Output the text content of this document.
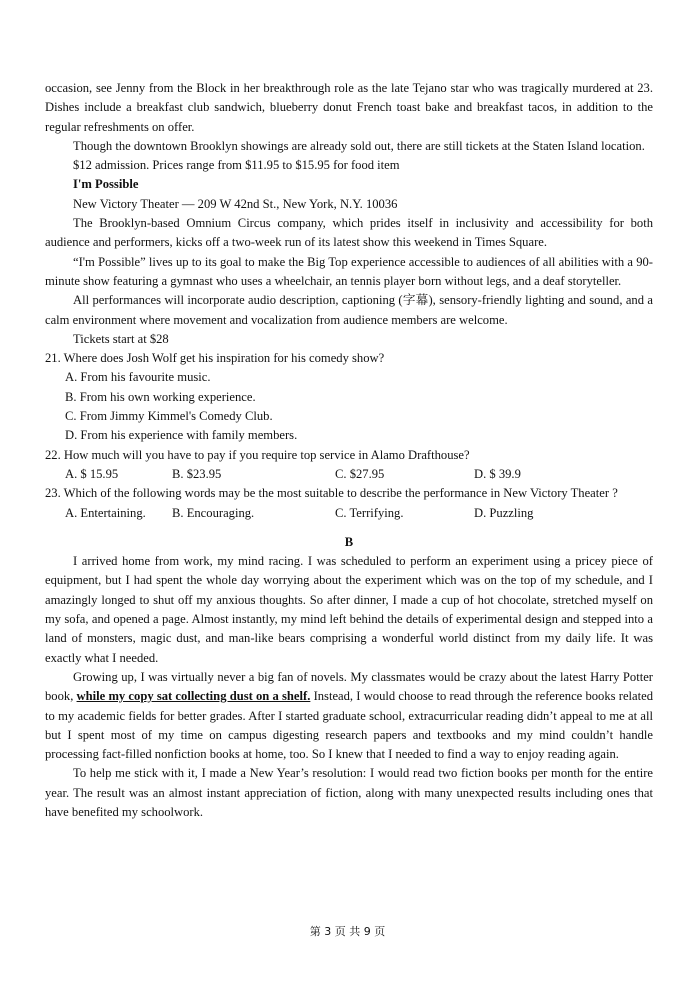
occasion, see Jenny from the Block in her breakthrough role as the late Tejano star who was tragically murdered at 23. Dishes include a breakfast club sandwich, blueberry donut French toast bake and breakfast tacos, in addition to the regular refreshments on offer.

Though the downtown Brooklyn showings are already sold out, there are still tickets at the Staten Island location.

$12 admission. Prices range from $11.95 to $15.95 for food item

I'm Possible

New Victory Theater — 209 W 42nd St., New York, N.Y. 10036

The Brooklyn-based Omnium Circus company, which prides itself in inclusivity and accessibility for both audience and performers, kicks off a two-week run of its latest show this weekend in Times Square.

“I'm Possible” lives up to its goal to make the Big Top experience accessible to audiences of all abilities with a 90-minute show featuring a gymnast who uses a wheelchair, an tennis player born without legs, and a deaf storyteller.

All performances will incorporate audio description, captioning (字幕), sensory-friendly lighting and sound, and a calm environment where movement and vocalization from audience members are welcome.

Tickets start at $28

21. Where does Josh Wolf get his inspiration for his comedy show?

A. From his favourite music.

B. From his own working experience.

C. From Jimmy Kimmel's Comedy Club.

D. From his experience with family members.

22. How much will you have to pay if you require top service in Alamo Drafthouse?

A. $ 15.95	B. $23.95	C. $27.95	D. $ 39.9

23. Which of the following words may be the most suitable to describe the performance in New Victory Theater ?

A. Entertaining.	B. Encouraging.	C. Terrifying.	D. Puzzling

B

I arrived home from work, my mind racing. I was scheduled to perform an experiment using a pricey piece of equipment, but I had spent the whole day worrying about the experiment which was on the top of my schedule, and I amazingly longed to shut off my anxious thoughts. So after dinner, I made a cup of hot chocolate, stretched myself on my sofa, and opened a page. Almost instantly, my mind left behind the details of experimental design and stepped into a land of monsters, magic dust, and man-like bears comprising a wonderful world distinct from my daily life. It was exactly what I needed.

Growing up, I was virtually never a big fan of novels. My classmates would be crazy about the latest Harry Potter book, while my copy sat collecting dust on a shelf. Instead, I would choose to read through the reference books related to my academic fields for better grades. After I started graduate school, extracurricular reading didn’t appeal to me at all but I spent most of my time on campus digesting research papers and textbooks and my mind couldn’t handle processing fact-filled nonfiction books at home, too. So I knew that I needed to find a way to enjoy reading again.

To help me stick with it, I made a New Year’s resolution: I would read two fiction books per month for the entire year. The result was an almost instant appreciation of fiction, along with many unexpected results including ones that have benefited my schoolwork.

第 3 页 共 9 页
